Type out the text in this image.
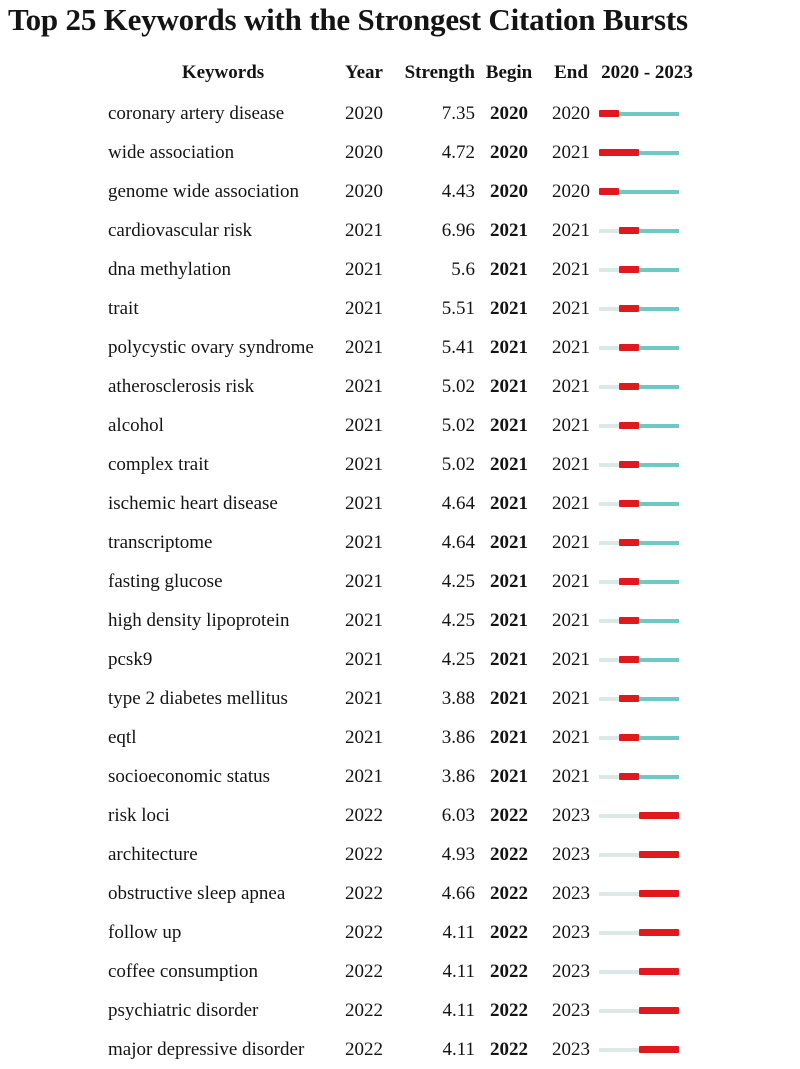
Top 25 Keywords with the Strongest Citation Bursts
Keywords	Year	Strength Begin	End 2020 - 2023
coronary artery disease	2020	7.35 2020	2020
wide association	2020	4.72 2020	2021
genome wide association	2020	4.43 2020	2020
cardiovascular risk	2021	6.96 2021	2021
dna methylation	2021	5.6 2021	2021
trait	2021	5.51 2021	2021
polycystic ovary syndrome	2021	5.41 2021	2021
atherosclerosis risk	2021	5.02 2021	2021
alcohol	2021	5.02 2021	2021
complex trait	2021	5.02 2021	2021
ischemic heart disease	2021	4.64 2021	2021
transcriptome	2021	4.64 2021	2021
fasting glucose	2021	4.25 2021	2021
high density lipoprotein	2021	4.25 2021	2021
pcsk9	2021	4.25 2021	2021
type 2 diabetes mellitus	2021	3.88 2021	2021
eqtl	2021	3.86 2021	2021
socioeconomic status	2021	3.86 2021	2021
risk loci	2022	6.03 2022	2023
architecture	2022	4.93 2022	2023
obstructive sleep apnea	2022	4.66 2022	2023
follow up	2022	4.11 2022	2023
coffee consumption	2022	4.11 2022	2023
psychiatric disorder	2022	4.11 2022	2023
major depressive disorder	2022	4.11 2022	2023
